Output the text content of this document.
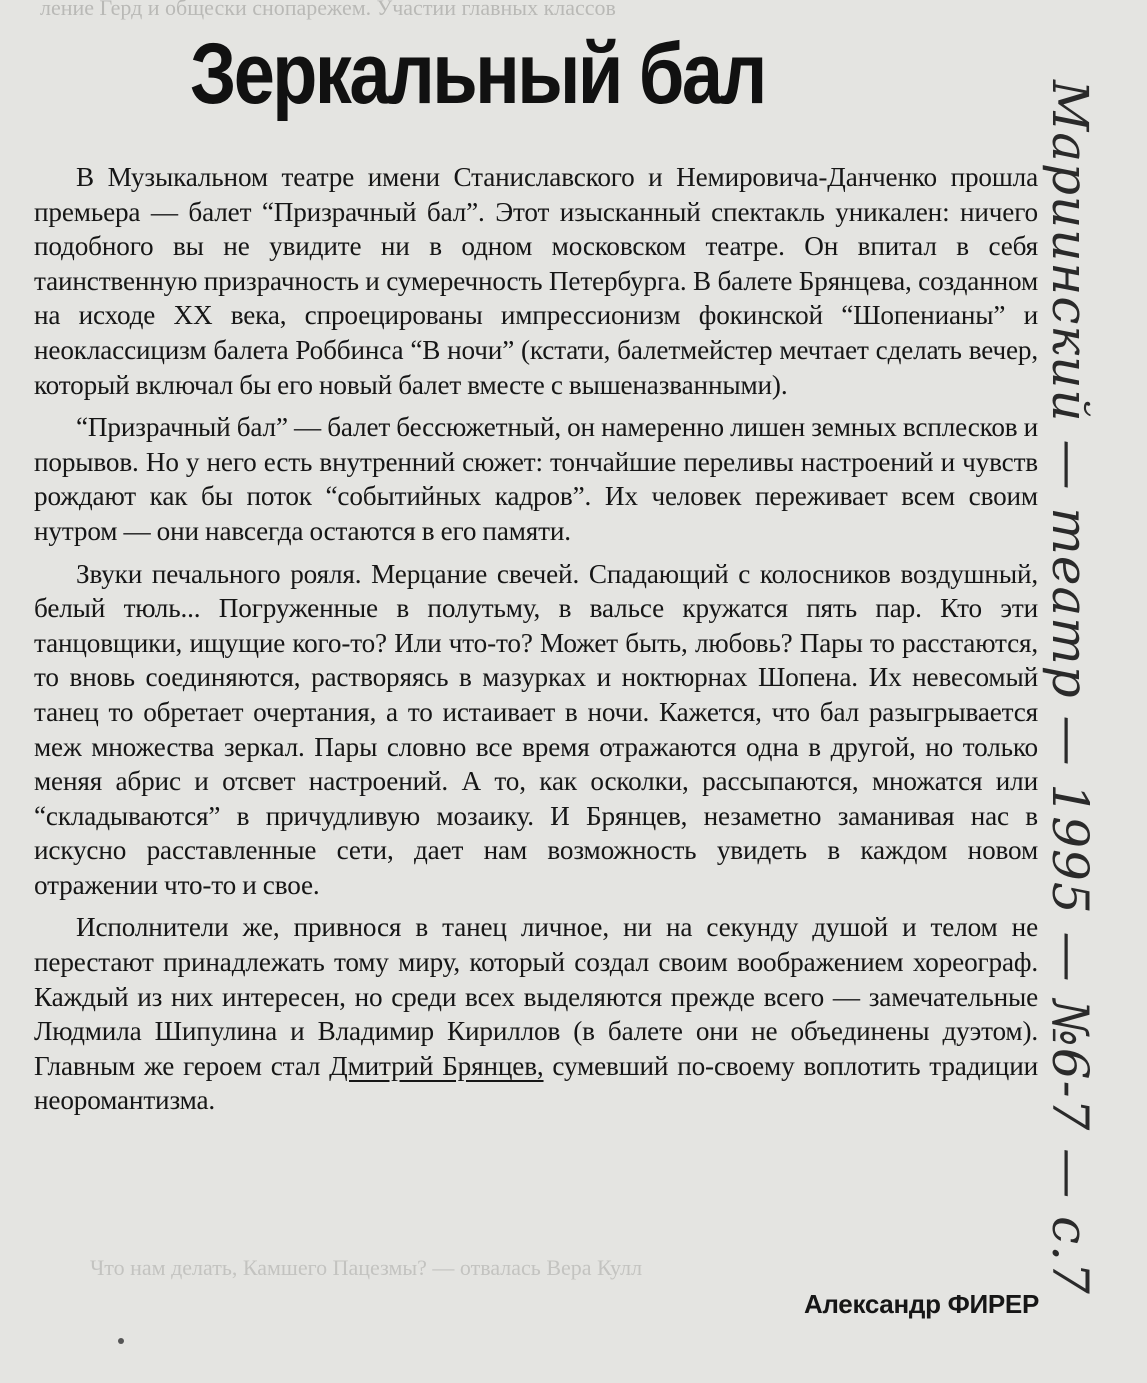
ление Герд и общески снопарежем. Участии главных классов
Зеркальный бал

В Музыкальном театре имени Станиславского и Немировича-Данченко прошла премьера — балет “Призрачный бал”. Этот изысканный спектакль уникален: ничего подобного вы не увидите ни в одном московском театре. Он впитал в себя таинственную призрачность и сумеречность Петербурга. В балете Брянцева, созданном на исходе XX века, спроецированы импрессионизм фокинской “Шопенианы” и неоклассицизм балета Роббинса “В ночи” (кстати, балетмейстер мечтает сделать вечер, который включал бы его новый балет вместе с вышеназванными).

“Призрачный бал” — балет бессюжетный, он намеренно лишен земных всплесков и порывов. Но у него есть внутренний сюжет: тончайшие переливы настроений и чувств рождают как бы поток “событийных кадров”. Их человек переживает всем своим нутром — они навсегда остаются в его памяти.

Звуки печального рояля. Мерцание свечей. Спадающий с колосников воздушный, белый тюль... Погруженные в полутьму, в вальсе кружатся пять пар. Кто эти танцовщики, ищущие кого-то? Или что-то? Может быть, любовь? Пары то расстаются, то вновь соединяются, растворяясь в мазурках и ноктюрнах Шопена. Их невесомый танец то обретает очертания, а то истаивает в ночи. Кажется, что бал разыгрывается меж множества зеркал. Пары словно все время отражаются одна в другой, но только меняя абрис и отсвет настроений. А то, как осколки, рассыпаются, множатся или “складываются” в причудливую мозаику. И Брянцев, незаметно заманивая нас в искусно расставленные сети, дает нам возможность увидеть в каждом новом отражении что-то и свое.

Исполнители же, привнося в танец личное, ни на секунду душой и телом не перестают принадлежать тому миру, который создал своим воображением хореограф. Каждый из них интересен, но среди всех выделяются прежде всего — замечательные Людмила Шипулина и Владимир Кириллов (в балете они не объединены дуэтом). Главным же героем стал Дмитрий Брянцев, сумевший по-своему воплотить традиции неоромантизма.

Что нам делать, Камшего Пацезмы? — отвалась Вера Кулл
Александр ФИРЕР
Мариинский — театр — 1995 — №6-7 — с.7
